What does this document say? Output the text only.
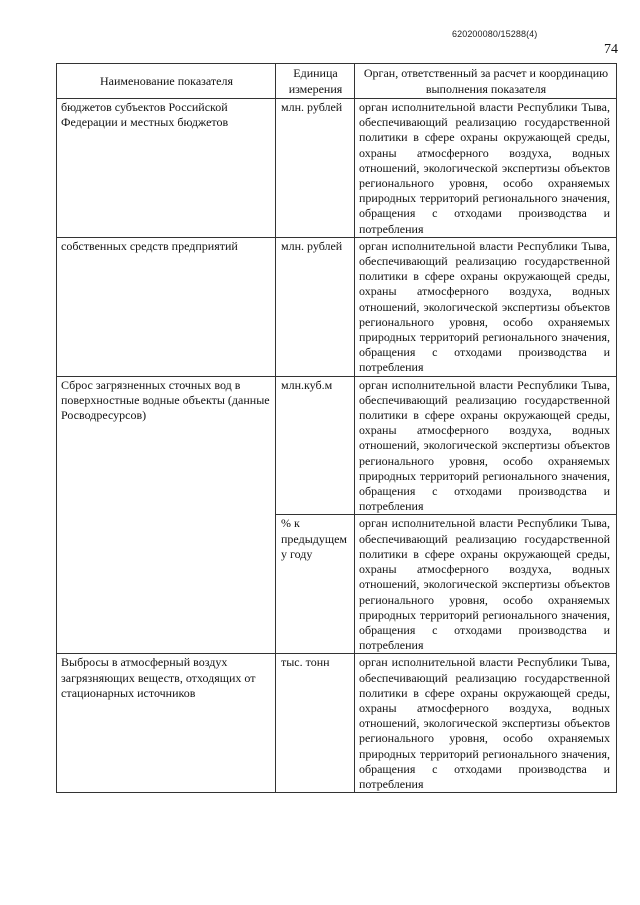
620200080/15288(4)
74
Наименование показателя	Единица измерения	Орган, ответственный за расчет и координацию выполнения показателя
бюджетов субъектов Российской Федерации и местных бюджетов	млн. рублей	орган исполнительной власти Республики Тыва, обеспечивающий реализацию государственной политики в сфере охраны окружающей среды, охраны атмосферного воздуха, водных отношений, экологической экспертизы объектов регионального уровня, особо охраняемых природных территорий регионального значения, обращения с отходами производства и потребления
собственных средств предприятий	млн. рублей	орган исполнительной власти Республики Тыва, обеспечивающий реализацию государственной политики в сфере охраны окружающей среды, охраны атмосферного воздуха, водных отношений, экологической экспертизы объектов регионального уровня, особо охраняемых природных территорий регионального значения, обращения с отходами производства и потребления
Сброс загрязненных сточных вод в поверхностные водные объекты (данные Росводресурсов)	млн.куб.м	орган исполнительной власти Республики Тыва, обеспечивающий реализацию государственной политики в сфере охраны окружающей среды, охраны атмосферного воздуха, водных отношений, экологической экспертизы объектов регионального уровня, особо охраняемых природных территорий регионального значения, обращения с отходами производства и потребления
	% к предыдущему году	орган исполнительной власти Республики Тыва, обеспечивающий реализацию государственной политики в сфере охраны окружающей среды, охраны атмосферного воздуха, водных отношений, экологической экспертизы объектов регионального уровня, особо охраняемых природных территорий регионального значения, обращения с отходами производства и потребления
Выбросы в атмосферный воздух загрязняющих веществ, отходящих от стационарных источников	тыс. тонн	орган исполнительной власти Республики Тыва, обеспечивающий реализацию государственной политики в сфере охраны окружающей среды, охраны атмосферного воздуха, водных отношений, экологической экспертизы объектов регионального уровня, особо охраняемых природных территорий регионального значения, обращения с отходами производства и потребления
